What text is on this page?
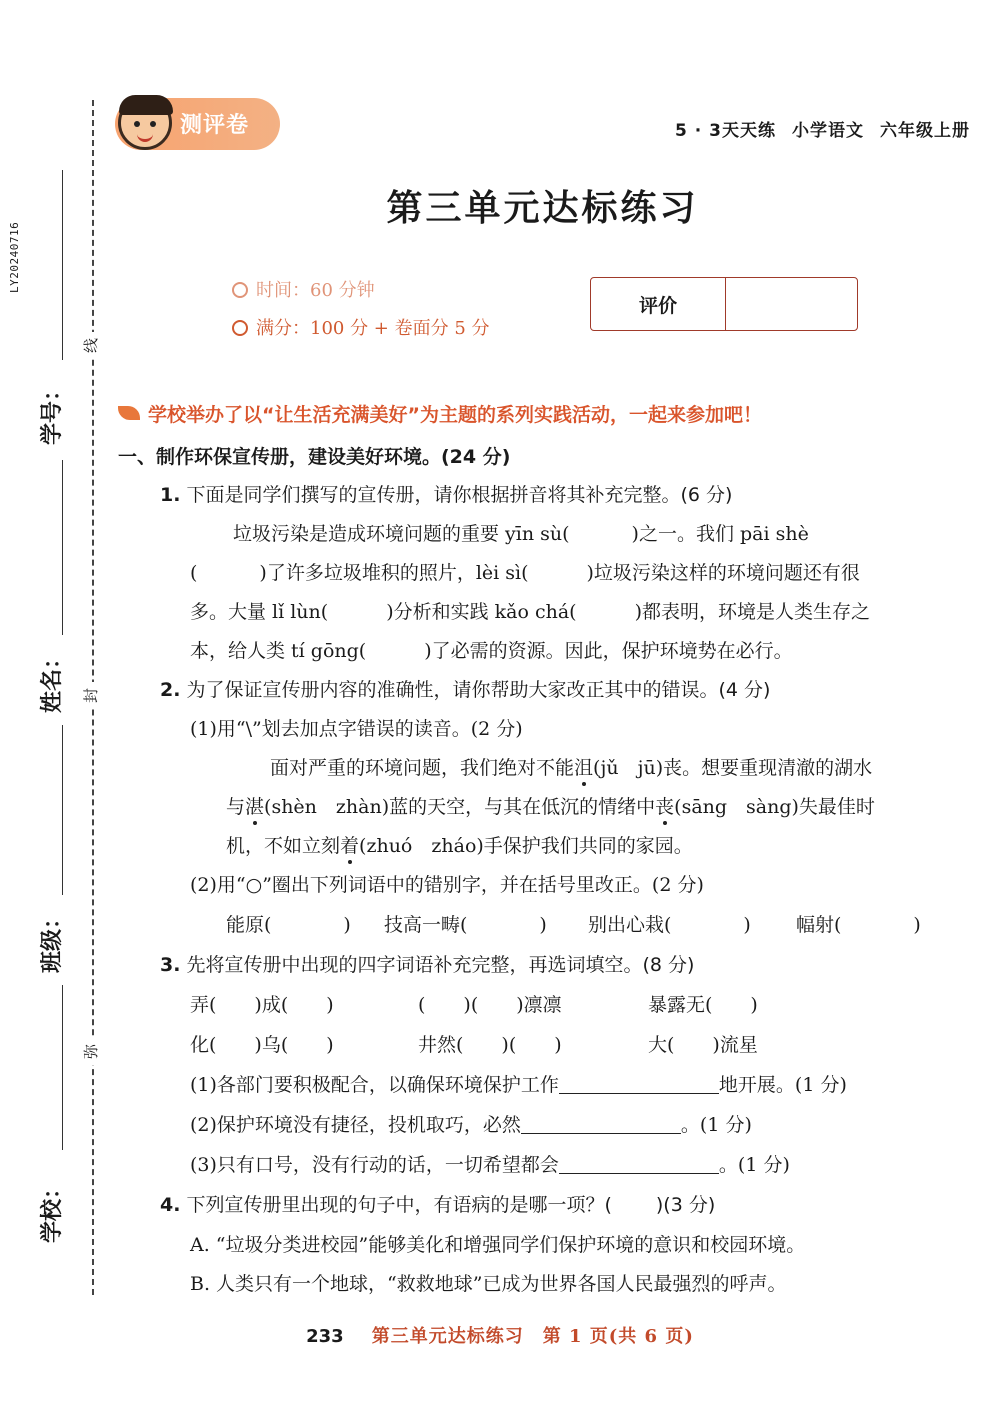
LY20240716
学号：
姓名：
班级：
学校：
线
封
弥
测评卷	5 · 3天天练 小学语文 六年级上册
第三单元达标练习
时间：60 分钟
满分：100 分 + 卷面分 5 分
评价
学校举办了以“让生活充满美好”为主题的系列实践活动，一起来参加吧！
一、制作环保宣传册，建设美好环境。(24 分)
1. 下面是同学们撰写的宣传册，请你根据拼音将其补充完整。(6 分)
垃圾污染是造成环境问题的重要 yīn sù(	)之一。我们 pāi shè
(	)了许多垃圾堆积的照片，lèi sì(	)垃圾污染这样的环境问题还有很
多。大量 lǐ lùn(	)分析和实践 kǎo chá(	)都表明，环境是人类生存之
本，给人类 tí gōng(	)了必需的资源。因此，保护环境势在必行。
2. 为了保证宣传册内容的准确性，请你帮助大家改正其中的错误。(4 分)
(1)用“\”划去加点字错误的读音。(2 分)
面对严重的环境问题，我们绝对不能沮(jǔ　jū)丧。想要重现清澈的湖水
与湛(shèn　zhàn)蓝的天空，与其在低沉的情绪中丧(sāng　sàng)失最佳时
机，不如立刻着(zhuó　zháo)手保护我们共同的家园。
(2)用“○”圈出下列词语中的错别字，并在括号里改正。(2 分)
能原(	) 技高一畴(	) 别出心栽(	) 幅射(	)
3. 先将宣传册中出现的四字词语补充完整，再选词填空。(8 分)
弄(　　)成(　　)	(　　)(　　)凛凛	暴露无(　　)
化(　　)乌(　　)	井然(　　)(　　)	大(　　)流星
(1)各部门要积极配合，以确保环境保护工作	地开展。(1 分)
(2)保护环境没有捷径，投机取巧，必然	。(1 分)
(3)只有口号，没有行动的话，一切希望都会	。(1 分)
4. 下列宣传册里出现的句子中，有语病的是哪一项？( )(3 分)
A. “垃圾分类进校园”能够美化和增强同学们保护环境的意识和校园环境。
B. 人类只有一个地球，“救救地球”已成为世界各国人民最强烈的呼声。
233 第三单元达标练习　第 1 页(共 6 页)
